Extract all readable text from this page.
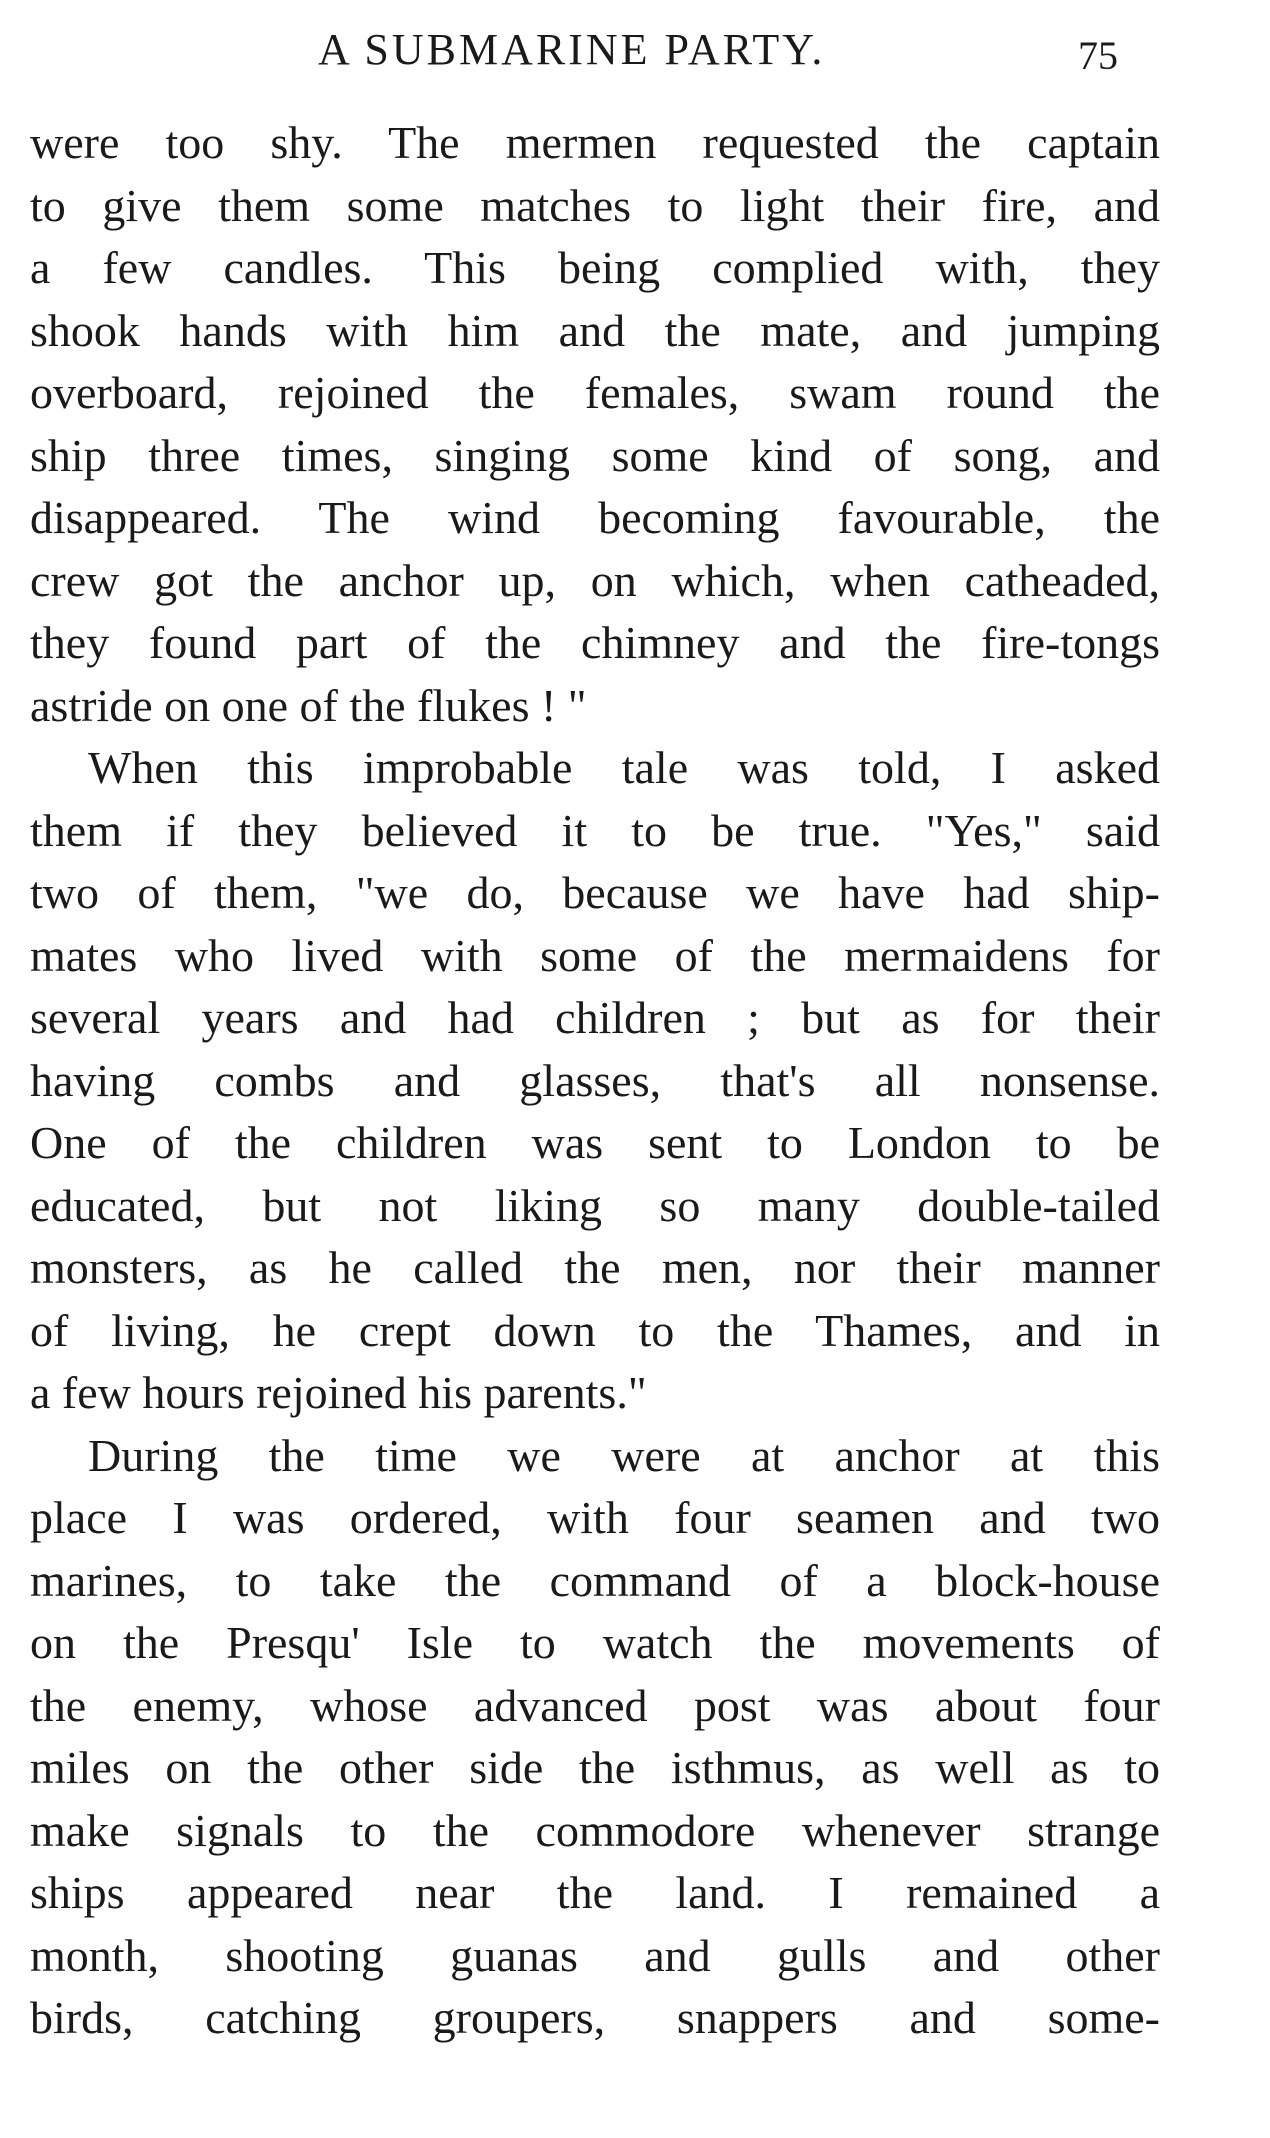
A SUBMARINE PARTY.	75
were too shy. The mermen requested the captain
to give them some matches to light their fire, and
a few candles. This being complied with, they
shook hands with him and the mate, and jumping
overboard, rejoined the females, swam round the
ship three times, singing some kind of song, and
disappeared. The wind becoming favourable, the
crew got the anchor up, on which, when catheaded,
they found part of the chimney and the fire-tongs
astride on one of the flukes ! "
When this improbable tale was told, I asked
them if they believed it to be true. "Yes," said
two of them, "we do, because we have had ship-
mates who lived with some of the mermaidens for
several years and had children ; but as for their
having combs and glasses, that's all nonsense.
One of the children was sent to London to be
educated, but not liking so many double-tailed
monsters, as he called the men, nor their manner
of living, he crept down to the Thames, and in
a few hours rejoined his parents."
During the time we were at anchor at this
place I was ordered, with four seamen and two
marines, to take the command of a block-house
on the Presqu' Isle to watch the movements of
the enemy, whose advanced post was about four
miles on the other side the isthmus, as well as to
make signals to the commodore whenever strange
ships appeared near the land. I remained a
month, shooting guanas and gulls and other
birds, catching groupers, snappers and some-
